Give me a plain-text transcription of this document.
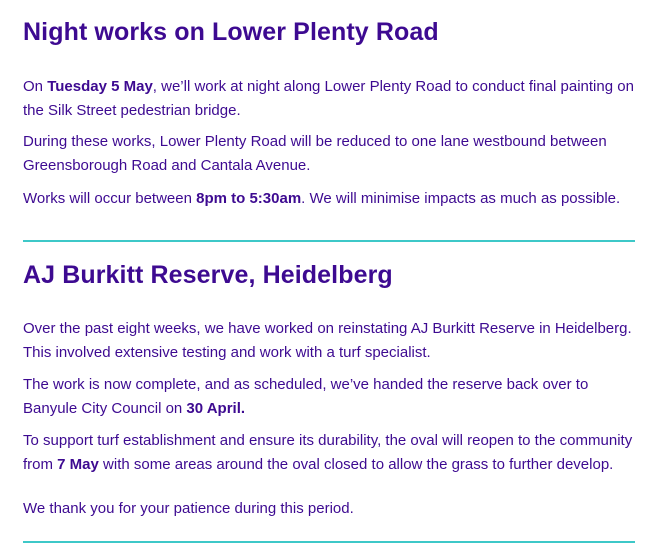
Night works on Lower Plenty Road

On Tuesday 5 May, we’ll work at night along Lower Plenty Road to conduct final painting on the Silk Street pedestrian bridge.

During these works, Lower Plenty Road will be reduced to one lane westbound between Greensborough Road and Cantala Avenue.

Works will occur between 8pm to 5:30am. We will minimise impacts as much as possible.

AJ Burkitt Reserve, Heidelberg

Over the past eight weeks, we have worked on reinstating AJ Burkitt Reserve in Heidelberg. This involved extensive testing and work with a turf specialist.

The work is now complete, and as scheduled, we’ve handed the reserve back over to Banyule City Council on 30 April.

To support turf establishment and ensure its durability, the oval will reopen to the community from 7 May with some areas around the oval closed to allow the grass to further develop.

We thank you for your patience during this period.
